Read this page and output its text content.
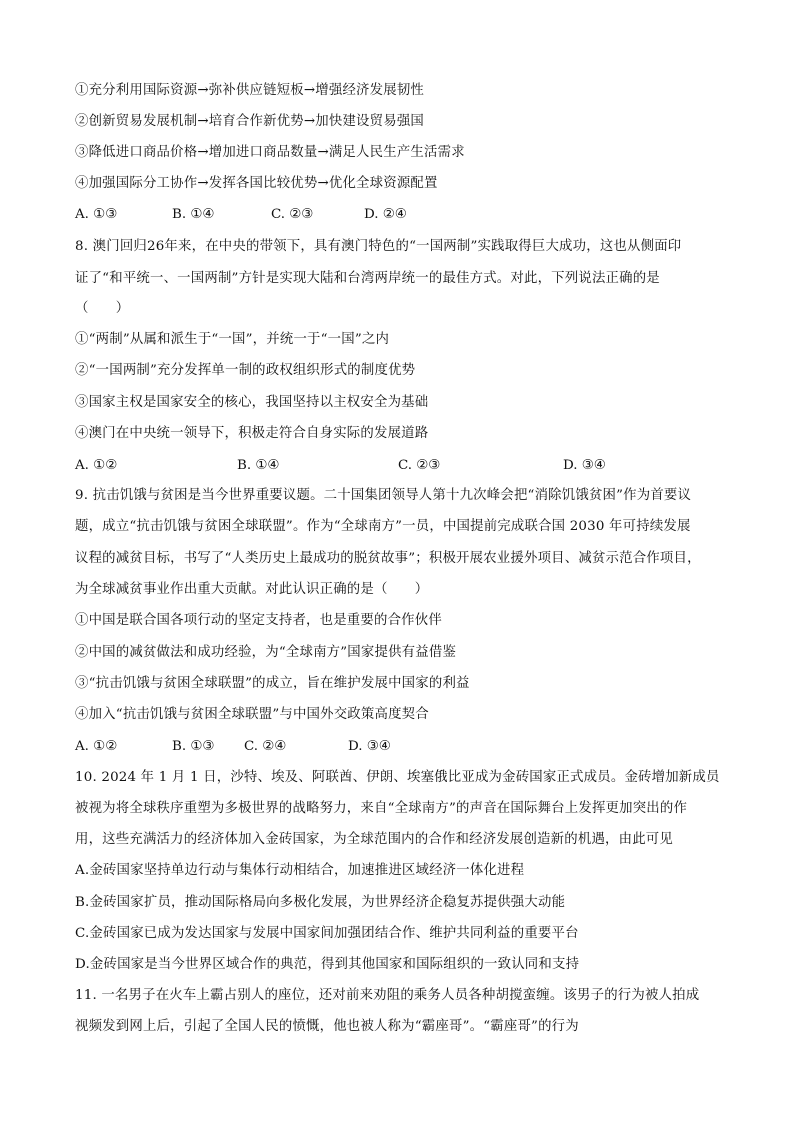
①充分利用国际资源→弥补供应链短板→增强经济发展韧性
②创新贸易发展机制→培育合作新优势→加快建设贸易强国
③降低进口商品价格→增加进口商品数量→满足人民生产生活需求
④加强国际分工协作→发挥各国比较优势→优化全球资源配置
A. ①③	B. ①④	C. ②③	D. ②④
8. 澳门回归26年来，在中央的带领下，具有澳门特色的“一国两制”实践取得巨大成功，这也从侧面印
证了“和平统一、一国两制”方针是实现大陆和台湾两岸统一的最佳方式。对此，下列说法正确的是
（　　）
①“两制”从属和派生于“一国”，并统一于“一国”之内
②“一国两制”充分发挥单一制的政权组织形式的制度优势
③国家主权是国家安全的核心，我国坚持以主权安全为基础
④澳门在中央统一领导下，积极走符合自身实际的发展道路
A. ①②	B. ①④	C. ②③	D. ③④
9. 抗击饥饿与贫困是当今世界重要议题。二十国集团领导人第十九次峰会把“消除饥饿贫困”作为首要议
题，成立“抗击饥饿与贫困全球联盟”。作为“全球南方”一员，中国提前完成联合国 2030 年可持续发展
议程的减贫目标，书写了“人类历史上最成功的脱贫故事”；积极开展农业援外项目、减贫示范合作项目，
为全球减贫事业作出重大贡献。对此认识正确的是（　　）
①中国是联合国各项行动的坚定支持者，也是重要的合作伙伴
②中国的减贫做法和成功经验，为“全球南方”国家提供有益借鉴
③“抗击饥饿与贫困全球联盟”的成立，旨在维护发展中国家的利益
④加入“抗击饥饿与贫困全球联盟”与中国外交政策高度契合
A. ①②	B. ①③ C. ②④	D. ③④
10. 2024 年 1 月 1 日，沙特、埃及、阿联酋、伊朗、埃塞俄比亚成为金砖国家正式成员。金砖增加新成员
被视为将全球秩序重塑为多极世界的战略努力，来自“全球南方”的声音在国际舞台上发挥更加突出的作
用，这些充满活力的经济体加入金砖国家，为全球范围内的合作和经济发展创造新的机遇，由此可见
A.金砖国家坚持单边行动与集体行动相结合，加速推进区域经济一体化进程
B.金砖国家扩员，推动国际格局向多极化发展，为世界经济企稳复苏提供强大动能
C.金砖国家已成为发达国家与发展中国家间加强团结合作、维护共同利益的重要平台
D.金砖国家是当今世界区域合作的典范，得到其他国家和国际组织的一致认同和支持
11. 一名男子在火车上霸占别人的座位，还对前来劝阻的乘务人员各种胡搅蛮缠。该男子的行为被人拍成
视频发到网上后，引起了全国人民的愤慨，他也被人称为“霸座哥”。“霸座哥”的行为
